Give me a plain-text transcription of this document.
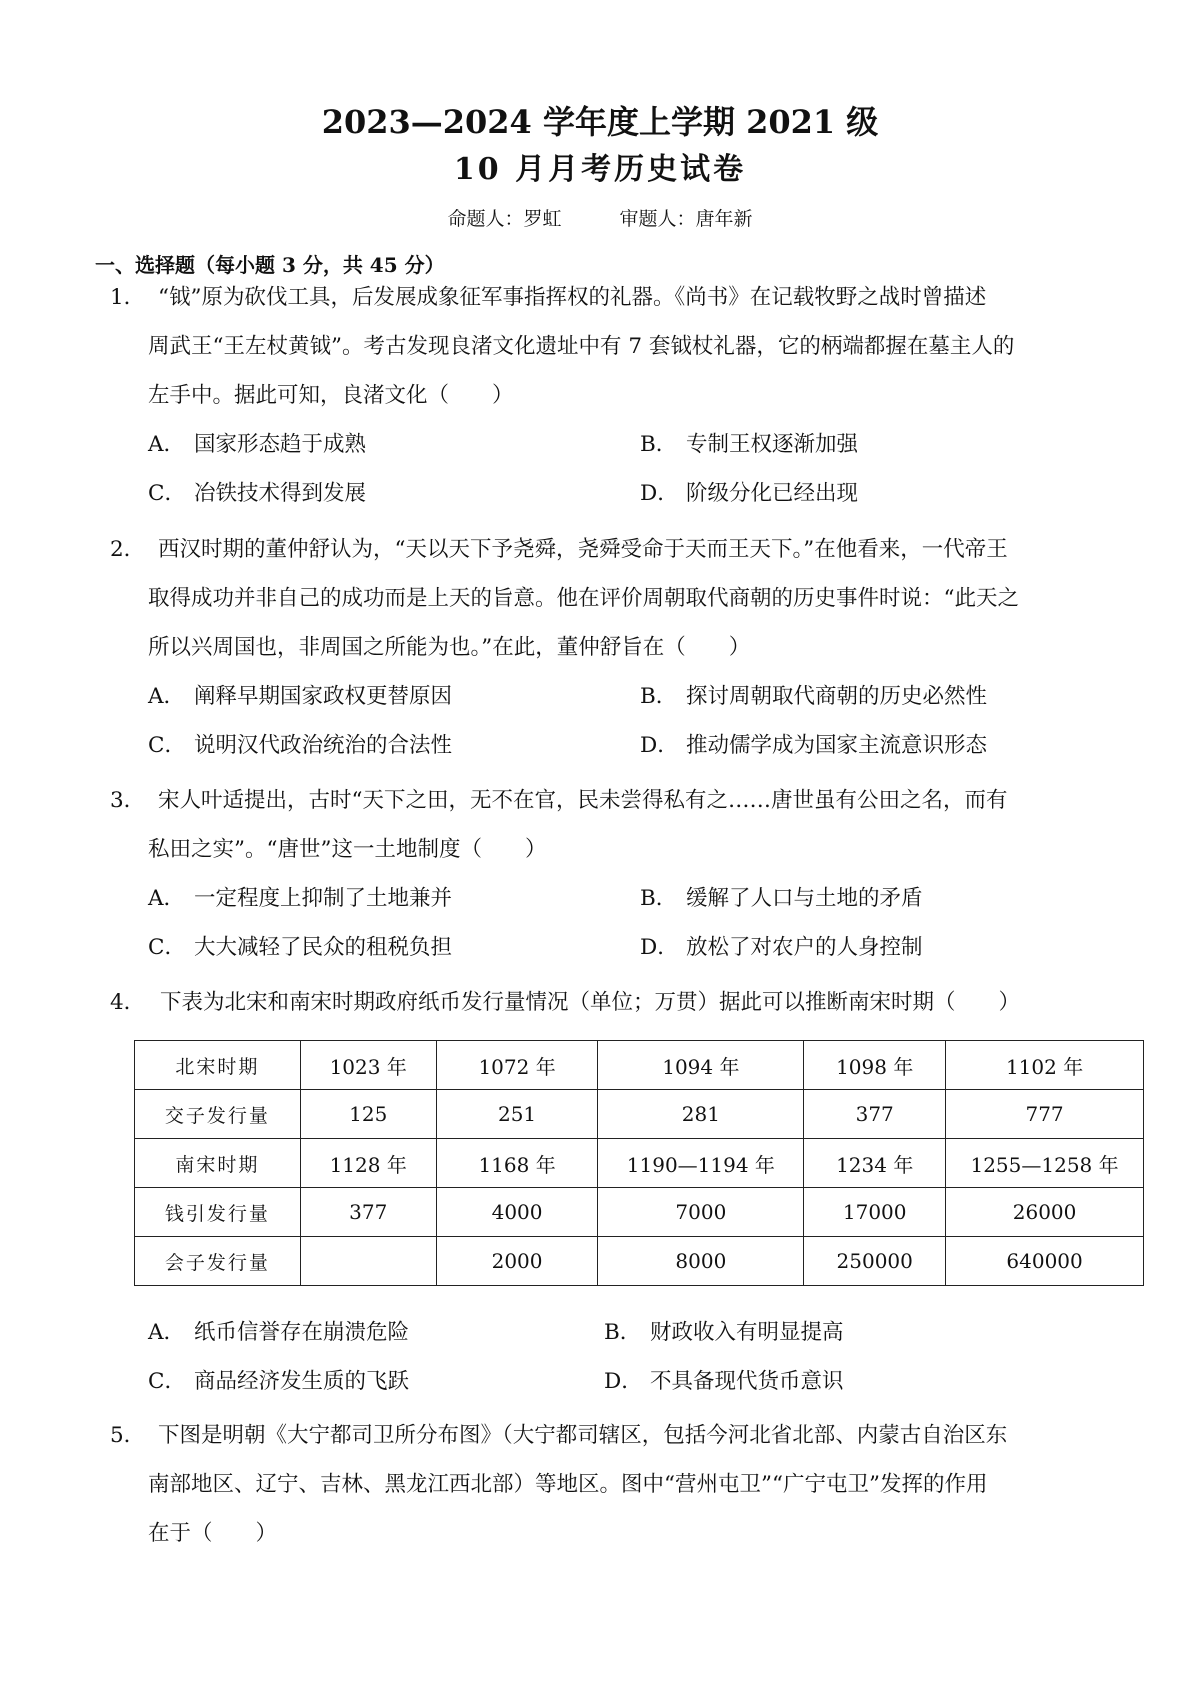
2023—2024 学年度上学期 2021 级
10 月月考历史试卷
命题人：罗虹	审题人：唐年新
一、选择题（每小题 3 分，共 45 分）
1． “钺”原为砍伐工具，后发展成象征军事指挥权的礼器。《尚书》在记载牧野之战时曾描述
周武王“王左杖黄钺”。考古发现良渚文化遗址中有 7 套钺杖礼器，它的柄端都握在墓主人的
左手中。据此可知，良渚文化（　　）
A． 国家形态趋于成熟	B． 专制王权逐渐加强
C． 冶铁技术得到发展	D． 阶级分化已经出现
2． 西汉时期的董仲舒认为，“天以天下予尧舜，尧舜受命于天而王天下。”在他看来，一代帝王
取得成功并非自己的成功而是上天的旨意。他在评价周朝取代商朝的历史事件时说：“此天之
所以兴周国也，非周国之所能为也。”在此，董仲舒旨在（　　）
A． 阐释早期国家政权更替原因	B． 探讨周朝取代商朝的历史必然性
C． 说明汉代政治统治的合法性	D． 推动儒学成为国家主流意识形态
3． 宋人叶适提出，古时“天下之田，无不在官，民未尝得私有之……唐世虽有公田之名，而有
私田之实”。“唐世”这一土地制度（　　）
A． 一定程度上抑制了土地兼并	B． 缓解了人口与土地的矛盾
C． 大大减轻了民众的租税负担	D． 放松了对农户的人身控制
4． 下表为北宋和南宋时期政府纸币发行量情况（单位；万贯）据此可以推断南宋时期（　　）
北宋时期	1023 年	1072 年	1094 年	1098 年	1102 年
交子发行量	125	251	281	377	777
南宋时期	1128 年	1168 年	1190—1194 年	1234 年	1255—1258 年
钱引发行量	377	4000	7000	17000	26000
会子发行量		2000	8000	250000	640000
A． 纸币信誉存在崩溃危险	B． 财政收入有明显提高
C． 商品经济发生质的飞跃	D． 不具备现代货币意识
5． 下图是明朝《大宁都司卫所分布图》（大宁都司辖区，包括今河北省北部、内蒙古自治区东
南部地区、辽宁、吉林、黑龙江西北部）等地区。图中“营州屯卫”“广宁屯卫”发挥的作用
在于（　　）
